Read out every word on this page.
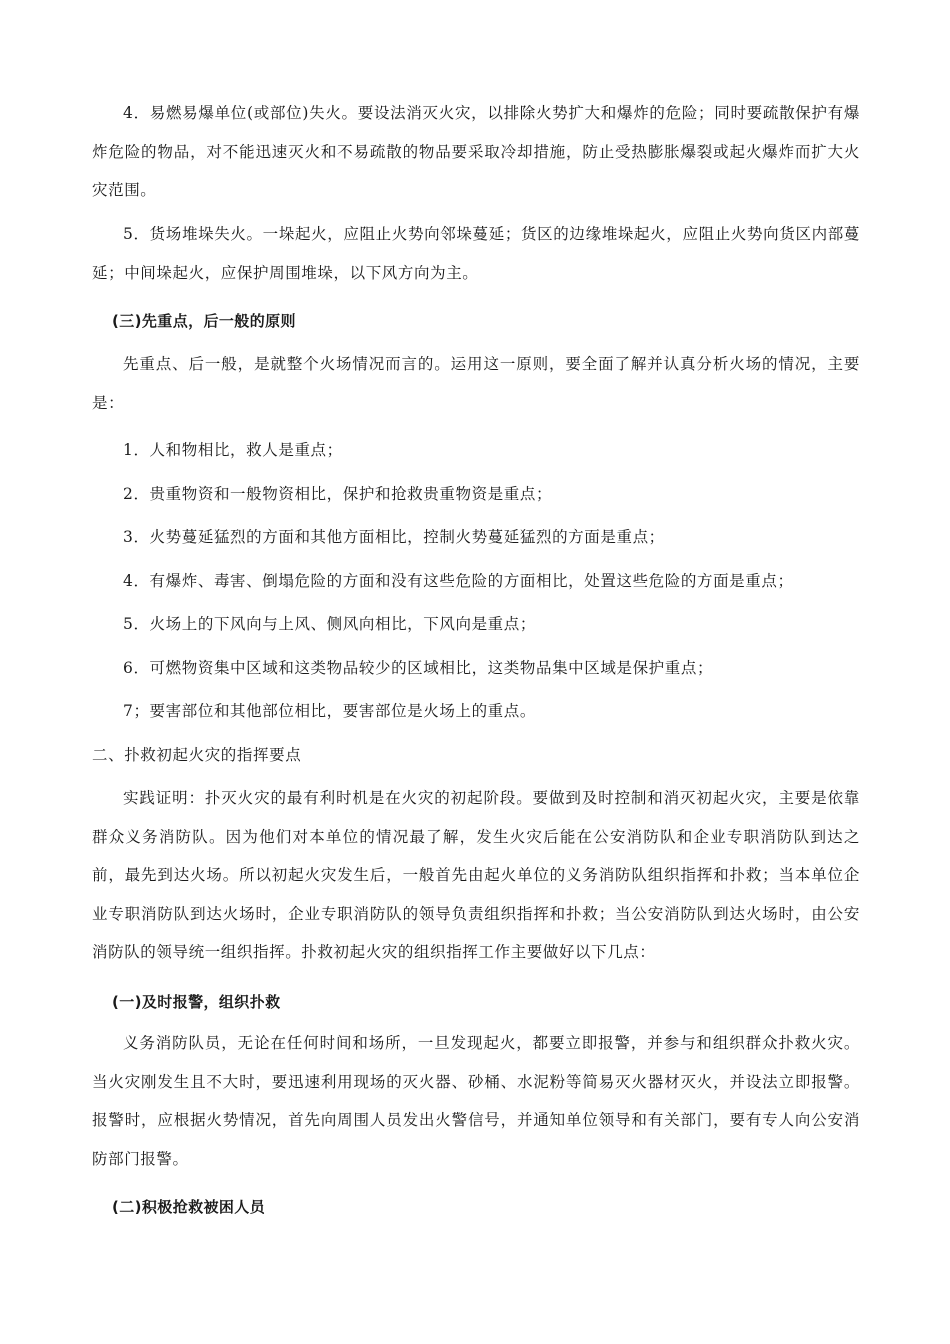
4．易燃易爆单位(或部位)失火。要设法消灭火灾，以排除火势扩大和爆炸的危险；同时要疏散保护有爆炸危险的物品，对不能迅速灭火和不易疏散的物品要采取冷却措施，防止受热膨胀爆裂或起火爆炸而扩大火灾范围。

5．货场堆垛失火。一垛起火，应阻止火势向邻垛蔓延；货区的边缘堆垛起火，应阻止火势向货区内部蔓延；中间垛起火，应保护周围堆垛，以下风方向为主。

(三)先重点，后一般的原则

先重点、后一般，是就整个火场情况而言的。运用这一原则，要全面了解并认真分析火场的情况，主要是：

1．人和物相比，救人是重点；

2．贵重物资和一般物资相比，保护和抢救贵重物资是重点；

3．火势蔓延猛烈的方面和其他方面相比，控制火势蔓延猛烈的方面是重点；

4．有爆炸、毒害、倒塌危险的方面和没有这些危险的方面相比，处置这些危险的方面是重点；

5．火场上的下风向与上风、侧风向相比，下风向是重点；

6．可燃物资集中区域和这类物品较少的区域相比，这类物品集中区域是保护重点；

7；要害部位和其他部位相比，要害部位是火场上的重点。

二、扑救初起火灾的指挥要点

实践证明：扑灭火灾的最有利时机是在火灾的初起阶段。要做到及时控制和消灭初起火灾，主要是依靠群众义务消防队。因为他们对本单位的情况最了解，发生火灾后能在公安消防队和企业专职消防队到达之前，最先到达火场。所以初起火灾发生后，一般首先由起火单位的义务消防队组织指挥和扑救；当本单位企业专职消防队到达火场时，企业专职消防队的领导负责组织指挥和扑救；当公安消防队到达火场时，由公安消防队的领导统一组织指挥。扑救初起火灾的组织指挥工作主要做好以下几点：

(一)及时报警，组织扑救

义务消防队员，无论在任何时间和场所，一旦发现起火，都要立即报警，并参与和组织群众扑救火灾。当火灾刚发生且不大时，要迅速利用现场的灭火器、砂桶、水泥粉等简易灭火器材灭火，并设法立即报警。报警时，应根据火势情况，首先向周围人员发出火警信号，并通知单位领导和有关部门，要有专人向公安消防部门报警。

(二)积极抢救被困人员
